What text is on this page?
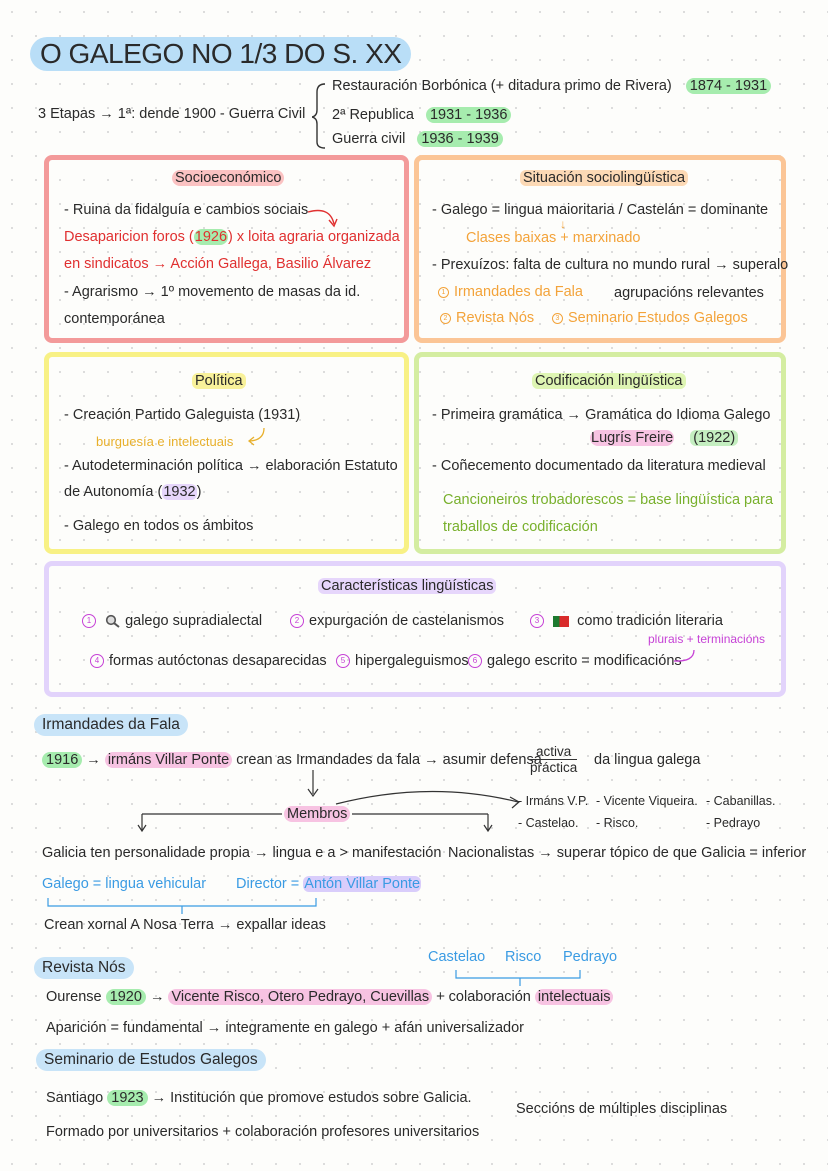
O GALEGO NO 1/3 DO S. XX
3 Etapas → 1ª: dende 1900 - Guerra Civil
Restauración Borbónica (+ ditadura primo de Rivera) 1874 - 1931
2ª Republica 1931 - 1936
Guerra civil 1936 - 1939
Socioeconómico
- Ruina da fidalguía e cambios sociais
Desaparicion foros (1926) x loita agraria organizada
en sindicatos → Acción Gallega, Basilio Álvarez
- Agrarismo → 1º movemento de masas da id.
contemporánea
Situación sociolingüística
- Galego = lingua maioritaria / Castelán = dominante
↓
Clases baixas + marxinado
- Prexuízos: falta de cultura no mundo rural → superalo
1 Irmandades da Fala agrupacións relevantes
2 Revista Nós	3 Seminario Estudos Galegos
Política
- Creación Partido Galeguista (1931)
burguesía e intelectuais
- Autodeterminación política → elaboración Estatuto
de Autonomía (1932)
- Galego en todos os ámbitos
Codificación lingüística
- Primeira gramática → Gramática do Idioma Galego
Lugrís Freire (1922)
- Coñecemento documentado da literatura medieval
Cancioneiros trobadorescos = base lingüística para
traballos de codificación
Características lingüísticas
1 galego supradialectal	2 expurgación de castelanismos	3	como tradición literaria
plurais + terminacións
4 formas autóctonas desaparecidas	5 hipergaleguismos 6 galego escrito = modificacións
Irmandades da Fala
1916 → irmáns Villar Ponte crean as Irmandades da fala → asumir defensa
activa
práctica da lingua galega
Membros
- Irmáns V.P. - Vicente Viqueira. - Cabanillas.
- Castelao. - Risco.	- Pedrayo
Galicia ten personalidade propia → lingua e a > manifestación Nacionalistas → superar tópico de que Galicia = inferior
Galego = lingua vehicular Director = Antón Villar Ponte
Crean xornal A Nosa Terra → expallar ideas
Castelao Risco Pedrayo
Revista Nós
Ourense 1920 → Vicente Risco, Otero Pedrayo, Cuevillas + colaboración intelectuais
Aparición = fundamental → integramente en galego + afán universalizador
Seminario de Estudos Galegos
Santiago 1923 → Institución que promove estudos sobre Galicia.
Seccións de múltiples disciplinas
Formado por universitarios + colaboración profesores universitarios
